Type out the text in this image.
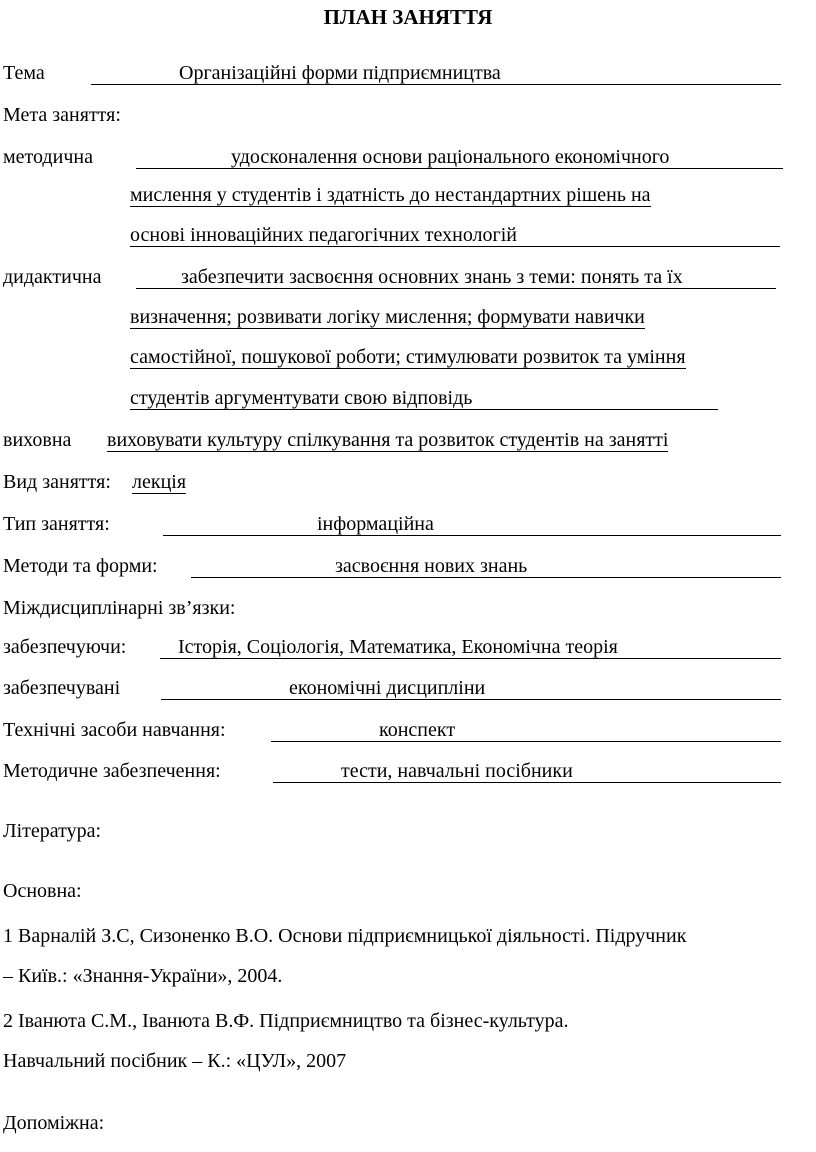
ПЛАН ЗАНЯТТЯ
Тема	Організаційні форми підприємництва
Мета заняття:
методична	удосконалення основи раціонального економічного
мислення у студентів і здатність до нестандартних рішень на
основі інноваційних педагогічних технологій
дидактична	забезпечити засвоєння основних знань з теми: понять та їх
визначення; розвивати логіку мислення; формувати навички
самостійної, пошукової роботи; стимулювати розвиток та уміння
студентів аргументувати свою відповідь
виховна виховувати культуру спілкування та розвиток студентів на занятті
Вид заняття: лекція
Тип заняття:	інформаційна
Методи та форми:	засвоєння нових знань
Міждисциплінарні зв’язки:
забезпечуючи:	Історія, Соціологія, Математика, Економічна теорія
забезпечувані	економічні дисципліни
Технічні засоби навчання:	конспект
Методичне забезпечення:	тести, навчальні посібники
Література:
Основна:
1 Варналій З.С, Сизоненко В.О. Основи підприємницької діяльності. Підручник
– Київ.: «Знання-України», 2004.
2 Іванюта С.М., Іванюта В.Ф. Підприємництво та бізнес-культура.
Навчальний посібник – К.: «ЦУЛ», 2007
Допоміжна:
